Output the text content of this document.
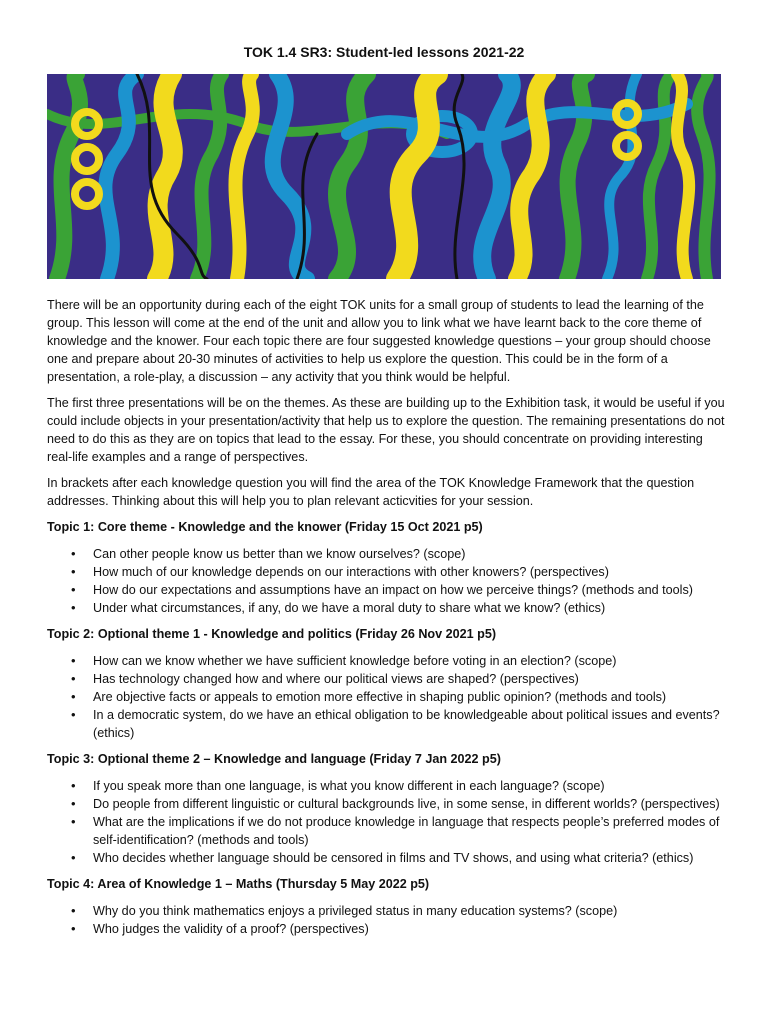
TOK 1.4 SR3: Student-led lessons 2021-22

There will be an opportunity during each of the eight TOK units for a small group of students to lead the learning of the group. This lesson will come at the end of the unit and allow you to link what we have learnt back to the core theme of knowledge and the knower. Four each topic there are four suggested knowledge questions – your group should choose one and prepare about 20-30 minutes of activities to help us explore the question. This could be in the form of a presentation, a role-play, a discussion – any activity that you think would be helpful.

The first three presentations will be on the themes. As these are building up to the Exhibition task, it would be useful if you could include objects in your presentation/activity that help us to explore the question. The remaining presentations do not need to do this as they are on topics that lead to the essay. For these, you should concentrate on providing interesting real-life examples and a range of perspectives.

In brackets after each knowledge question you will find the area of the TOK Knowledge Framework that the question addresses. Thinking about this will help you to plan relevant acticvities for your session.

Topic 1: Core theme - Knowledge and the knower (Friday 15 Oct 2021 p5)
• Can other people know us better than we know ourselves? (scope)
• How much of our knowledge depends on our interactions with other knowers? (perspectives)
• How do our expectations and assumptions have an impact on how we perceive things? (methods and tools)
• Under what circumstances, if any, do we have a moral duty to share what we know? (ethics)
Topic 2: Optional theme 1 - Knowledge and politics (Friday 26 Nov 2021 p5)
• How can we know whether we have sufficient knowledge before voting in an election? (scope)
• Has technology changed how and where our political views are shaped? (perspectives)
• Are objective facts or appeals to emotion more effective in shaping public opinion? (methods and tools)
• In a democratic system, do we have an ethical obligation to be knowledgeable about political issues and events? (ethics)
Topic 3: Optional theme 2 – Knowledge and language (Friday 7 Jan 2022 p5)
• If you speak more than one language, is what you know different in each language? (scope)
• Do people from different linguistic or cultural backgrounds live, in some sense, in different worlds? (perspectives)
• What are the implications if we do not produce knowledge in language that respects people’s preferred modes of self-identification? (methods and tools)
• Who decides whether language should be censored in films and TV shows, and using what criteria? (ethics)
Topic 4: Area of Knowledge 1 – Maths (Thursday 5 May 2022 p5)
• Why do you think mathematics enjoys a privileged status in many education systems? (scope)
• Who judges the validity of a proof? (perspectives)
